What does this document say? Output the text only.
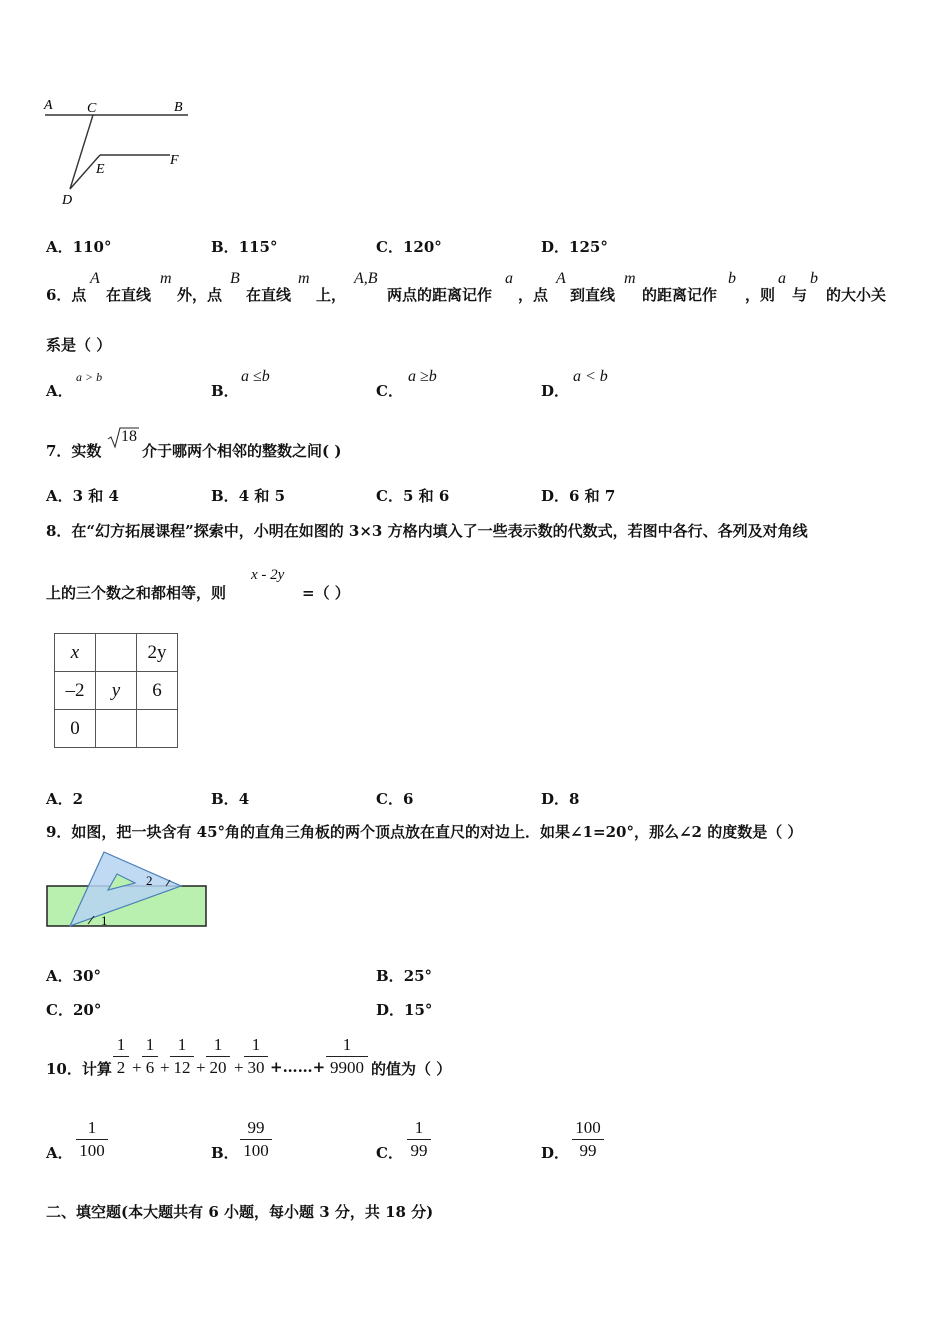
A C	B
E
F
D
A．110°	B．115°	C．120°	D．125°
6．点
A
在直线
m
外，点
B
在直线
m
上，
A,B
两点的距离记作
a
，点
A
到直线
m
的距离记作
b
，则
a
与
b
的大小关
系是（ ）
A．
a > b
B．
a ≤b
C．
a ≥b
D．
a < b
7．实数
18
介于哪两个相邻的整数之间( )
A．3 和 4	B．4 和 5	C．5 和 6	D．6 和 7
8．在“幻方拓展课程”探索中，小明在如图的 3×3 方格内填入了一些表示数的代数式，若图中各行、各列及对角线
上的三个数之和都相等，则
x - 2y
=（ ）
x		2y
–2	y	6
0		
A．2	B．4	C．6	D．8
9．如图，把一块含有 45°角的直角三角板的两个顶点放在直尺的对边上．如果∠1=20°，那么∠2 的度数是（ ）
2
1
A．30°	B．25°
C．20°	D．15°
10．计算 $\frac{1}{2} + \frac{1}{6} + \frac{1}{12} + \frac{1}{20} + \frac{1}{30}$ +……+ $\frac{1}{9900}$ 的值为（ ）
A． $\frac{1}{100}$	B． $\frac{99}{100}$	C． $\frac{1}{99}$	D． $\frac{100}{99}$
二、填空题(本大题共有 6 小题，每小题 3 分，共 18 分)
